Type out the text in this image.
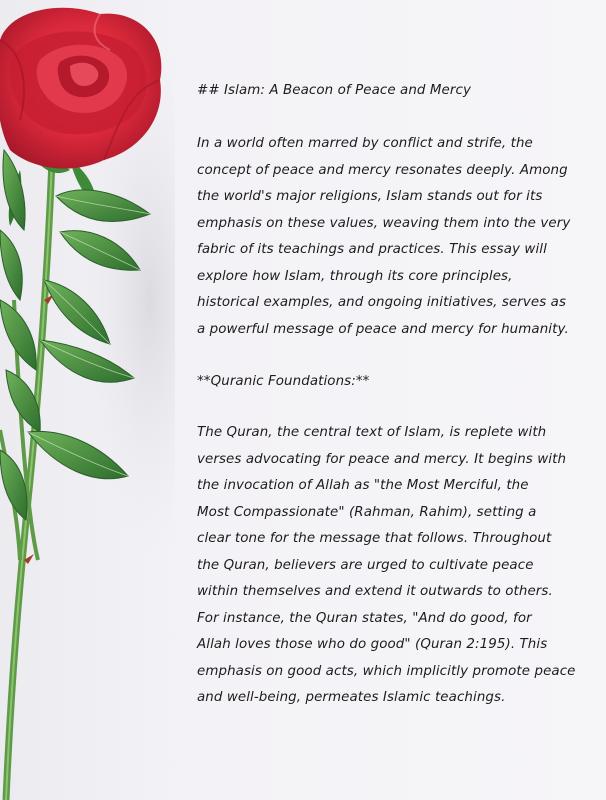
## Islam: A Beacon of Peace and Mercy

In a world often marred by conflict and strife, the
concept of peace and mercy resonates deeply. Among
the world's major religions, Islam stands out for its
emphasis on these values, weaving them into the very
fabric of its teachings and practices. This essay will
explore how Islam, through its core principles,
historical examples, and ongoing initiatives, serves as
a powerful message of peace and mercy for humanity.

**Quranic Foundations:**

The Quran, the central text of Islam, is replete with
verses advocating for peace and mercy. It begins with
the invocation of Allah as "the Most Merciful, the
Most Compassionate" (Rahman, Rahim), setting a
clear tone for the message that follows. Throughout
the Quran, believers are urged to cultivate peace
within themselves and extend it outwards to others.
For instance, the Quran states, "And do good, for
Allah loves those who do good" (Quran 2:195). This
emphasis on good acts, which implicitly promote peace
and well-being, permeates Islamic teachings.
